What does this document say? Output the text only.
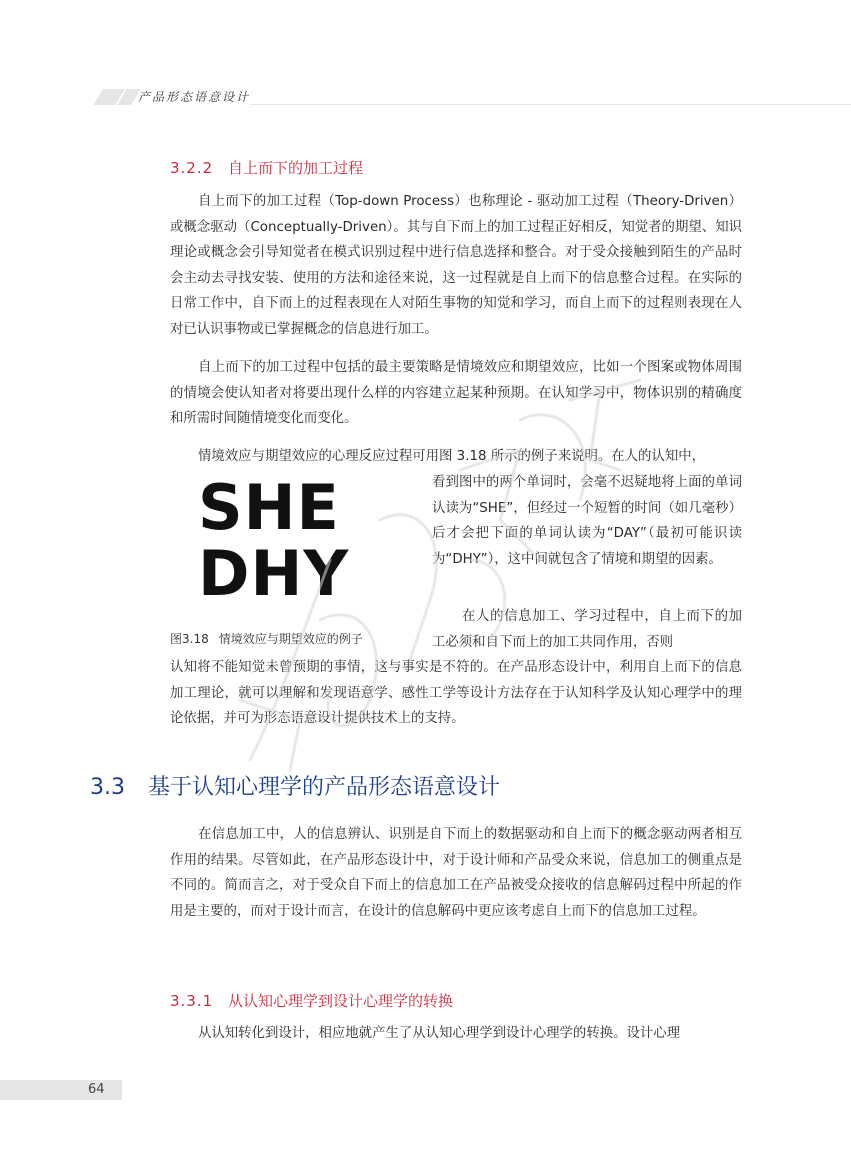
产品形态语意设计
3.2.2 自上而下的加工过程

自上而下的加工过程（Top-down Process）也称理论 - 驱动加工过程（Theory-Driven）或概念驱动（Conceptually-Driven）。其与自下而上的加工过程正好相反，知觉者的期望、知识理论或概念会引导知觉者在模式识别过程中进行信息选择和整合。对于受众接触到陌生的产品时会主动去寻找安装、使用的方法和途径来说，这一过程就是自上而下的信息整合过程。在实际的日常工作中，自下而上的过程表现在人对陌生事物的知觉和学习，而自上而下的过程则表现在人对已认识事物或已掌握概念的信息进行加工。

自上而下的加工过程中包括的最主要策略是情境效应和期望效应，比如一个图案或物体周围的情境会使认知者对将要出现什么样的内容建立起某种预期。在认知学习中，物体识别的精确度和所需时间随情境变化而变化。

情境效应与期望效应的心理反应过程可用图 3.18 所示的例子来说明。在人的认知中，

SHE
DHY
图3.18 情境效应与期望效应的例子

看到图中的两个单词时，会毫不迟疑地将上面的单词认读为“SHE”，但经过一个短暂的时间（如几毫秒）后才会把下面的单词认读为“DAY”（最初可能识读为“DHY”），这中间就包含了情境和期望的因素。

在人的信息加工、学习过程中，自上而下的加工必须和自下而上的加工共同作用，否则

认知将不能知觉未曾预期的事情，这与事实是不符的。在产品形态设计中，利用自上而下的信息加工理论，就可以理解和发现语意学、感性工学等设计方法存在于认知科学及认知心理学中的理论依据，并可为形态语意设计提供技术上的支持。

3.3 基于认知心理学的产品形态语意设计

在信息加工中，人的信息辨认、识别是自下而上的数据驱动和自上而下的概念驱动两者相互作用的结果。尽管如此，在产品形态设计中，对于设计师和产品受众来说，信息加工的侧重点是不同的。简而言之，对于受众自下而上的信息加工在产品被受众接收的信息解码过程中所起的作用是主要的，而对于设计而言，在设计的信息解码中更应该考虑自上而下的信息加工过程。

3.3.1 从认知心理学到设计心理学的转换

从认知转化到设计，相应地就产生了从认知心理学到设计心理学的转换。设计心理

64
